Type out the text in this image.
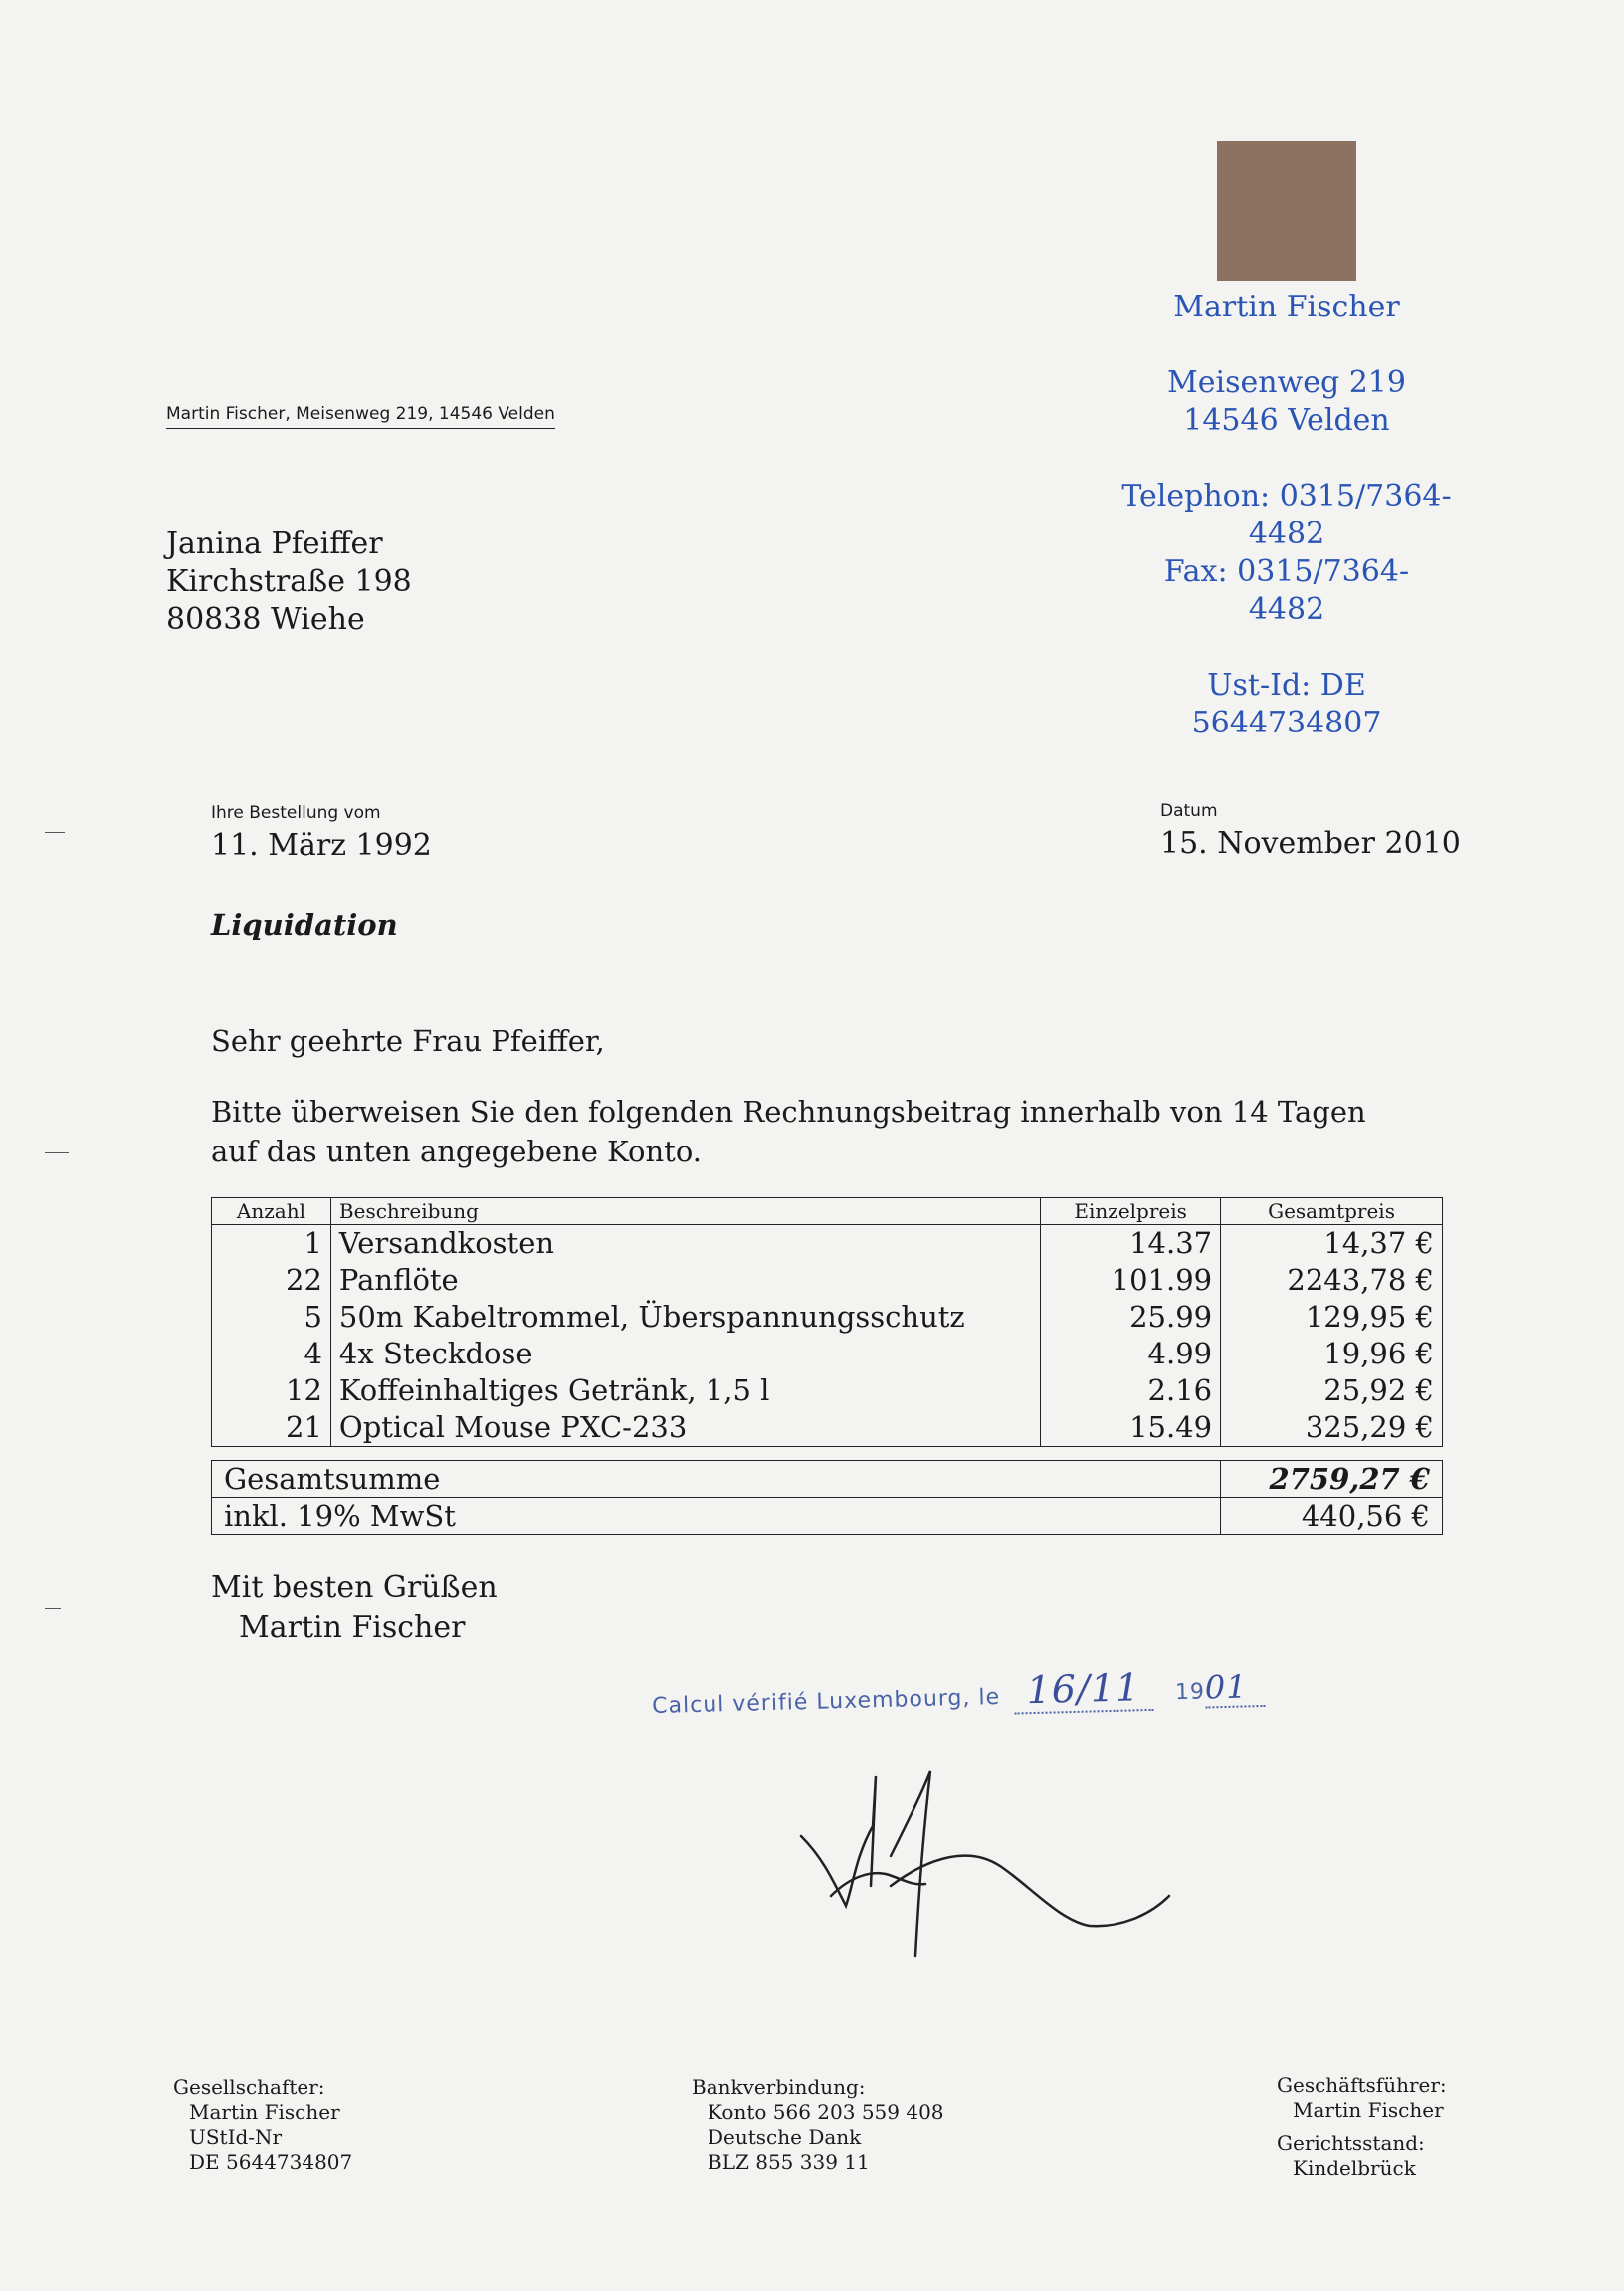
Martin Fischer
Meisenweg 219
14546 Velden
Telephon: 0315/7364-
4482
Fax: 0315/7364-
4482
Ust-Id: DE
5644734807
Martin Fischer, Meisenweg 219, 14546 Velden
Janina Pfeiffer
Kirchstraße 198
80838 Wiehe
Ihre Bestellung vom
11. März 1992
Datum
15. November 2010
Liquidation
Sehr geehrte Frau Pfeiffer,
Bitte überweisen Sie den folgenden Rechnungsbeitrag innerhalb von 14 Tagen
auf das unten angegebene Konto.
Anzahl	Beschreibung	Einzelpreis	Gesamtpreis
1	Versandkosten	14.37	14,37 €
22	Panflöte	101.99	2243,78 €
5	50m Kabeltrommel, Überspannungsschutz	25.99	129,95 €
4	4x Steckdose	4.99	19,96 €
12	Koffeinhaltiges Getränk, 1,5 l	2.16	25,92 €
21	Optical Mouse PXC-233	15.49	325,29 €
Gesamtsumme	2759,27 €
inkl. 19% MwSt	440,56 €
Mit besten Grüßen
Martin Fischer
Calcul vérifié Luxembourg, le 16/11 1901
Gesellschafter:
Martin Fischer
UStId-Nr
DE 5644734807
Bankverbindung:
Konto 566 203 559 408
Deutsche Dank
BLZ 855 339 11
Geschäftsführer:
Martin Fischer
Gerichtsstand:
Kindelbrück
